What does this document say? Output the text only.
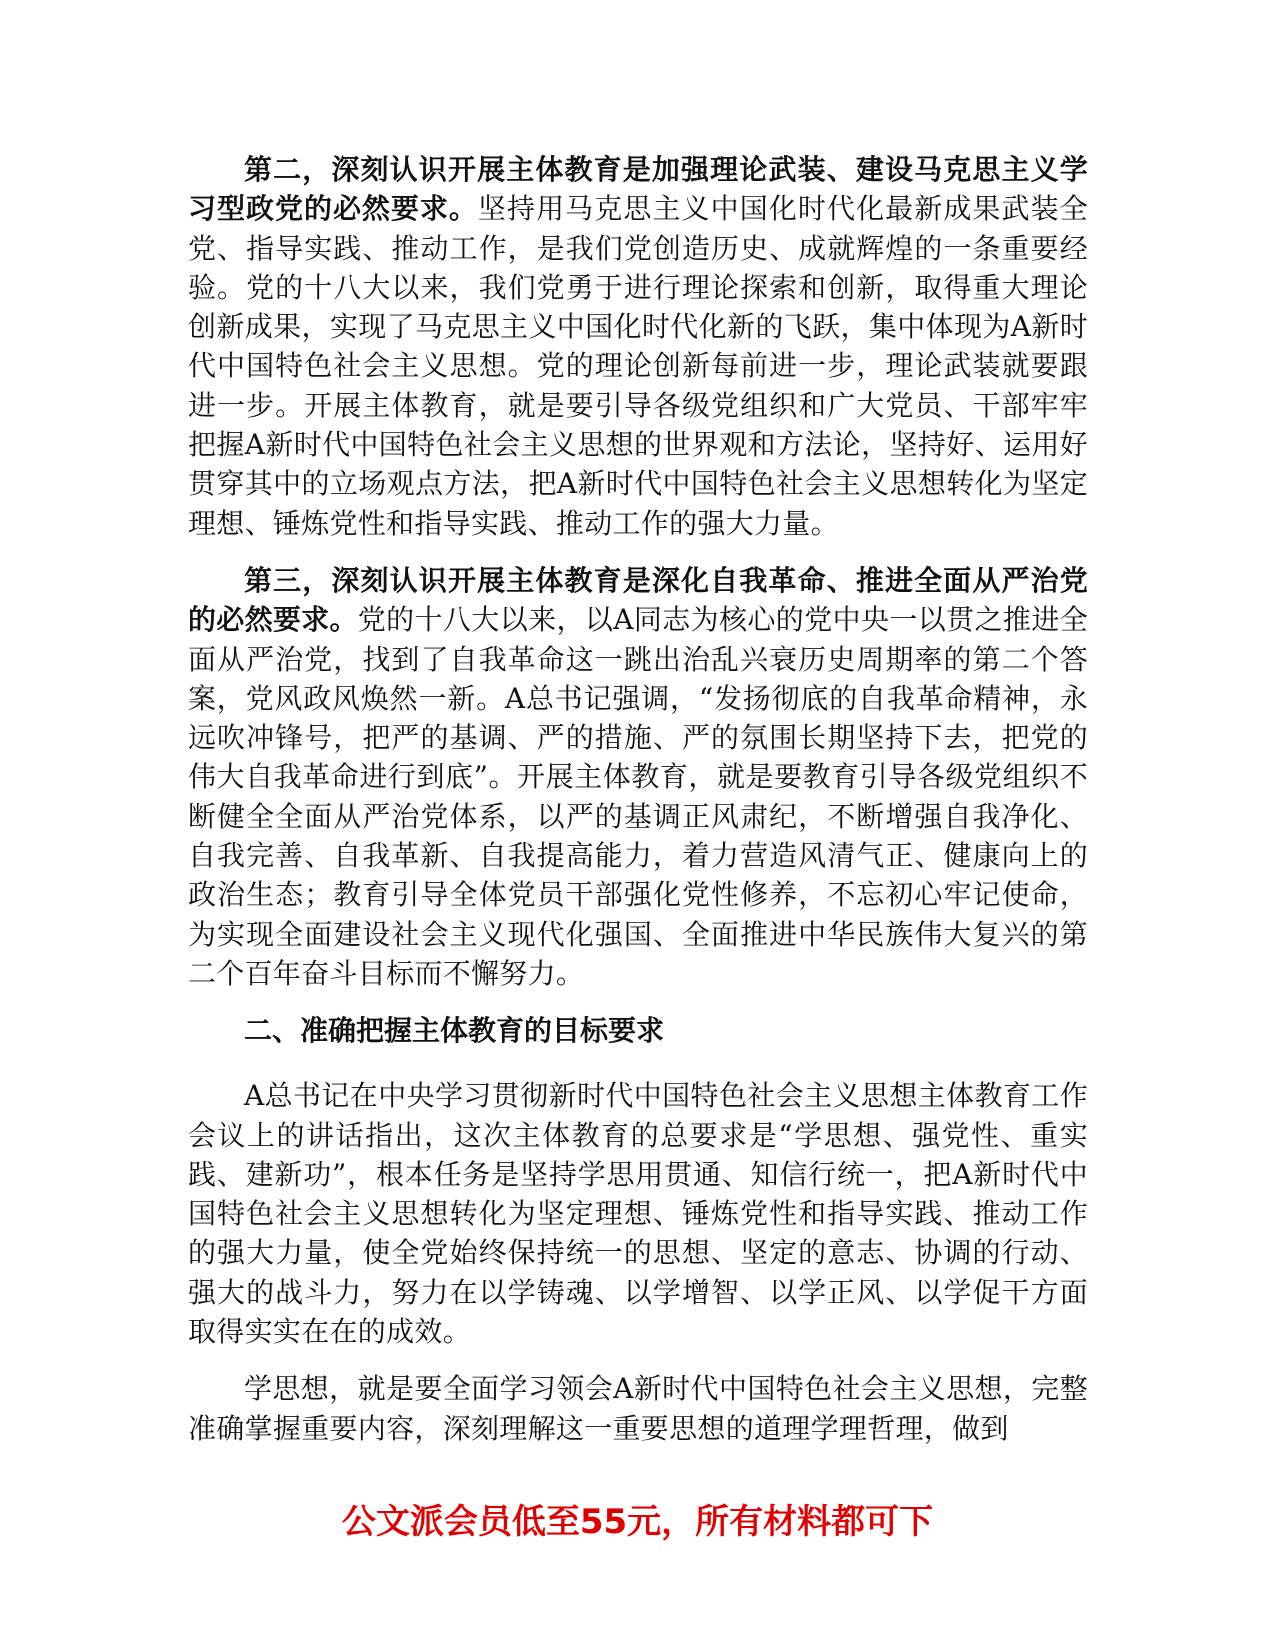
第二，深刻认识开展主体教育是加强理论武装、建设马克思主义学习型政党的必然要求。坚持用马克思主义中国化时代化最新成果武装全党、指导实践、推动工作，是我们党创造历史、成就辉煌的一条重要经验。党的十八大以来，我们党勇于进行理论探索和创新，取得重大理论创新成果，实现了马克思主义中国化时代化新的飞跃，集中体现为A新时代中国特色社会主义思想。党的理论创新每前进一步，理论武装就要跟进一步。开展主体教育，就是要引导各级党组织和广大党员、干部牢牢把握A新时代中国特色社会主义思想的世界观和方法论，坚持好、运用好贯穿其中的立场观点方法，把A新时代中国特色社会主义思想转化为坚定理想、锤炼党性和指导实践、推动工作的强大力量。

第三，深刻认识开展主体教育是深化自我革命、推进全面从严治党的必然要求。党的十八大以来，以A同志为核心的党中央一以贯之推进全面从严治党，找到了自我革命这一跳出治乱兴衰历史周期率的第二个答案，党风政风焕然一新。A总书记强调，“发扬彻底的自我革命精神，永远吹冲锋号，把严的基调、严的措施、严的氛围长期坚持下去，把党的伟大自我革命进行到底”。开展主体教育，就是要教育引导各级党组织不断健全全面从严治党体系，以严的基调正风肃纪，不断增强自我净化、自我完善、自我革新、自我提高能力，着力营造风清气正、健康向上的政治生态；教育引导全体党员干部强化党性修养，不忘初心牢记使命，为实现全面建设社会主义现代化强国、全面推进中华民族伟大复兴的第二个百年奋斗目标而不懈努力。

二、准确把握主体教育的目标要求

A总书记在中央学习贯彻新时代中国特色社会主义思想主体教育工作会议上的讲话指出，这次主体教育的总要求是“学思想、强党性、重实践、建新功”，根本任务是坚持学思用贯通、知信行统一，把A新时代中国特色社会主义思想转化为坚定理想、锤炼党性和指导实践、推动工作的强大力量，使全党始终保持统一的思想、坚定的意志、协调的行动、强大的战斗力，努力在以学铸魂、以学增智、以学正风、以学促干方面取得实实在在的成效。

学思想，就是要全面学习领会A新时代中国特色社会主义思想，完整准确掌握重要内容，深刻理解这一重要思想的道理学理哲理，做到

公文派会员低至55元，所有材料都可下
